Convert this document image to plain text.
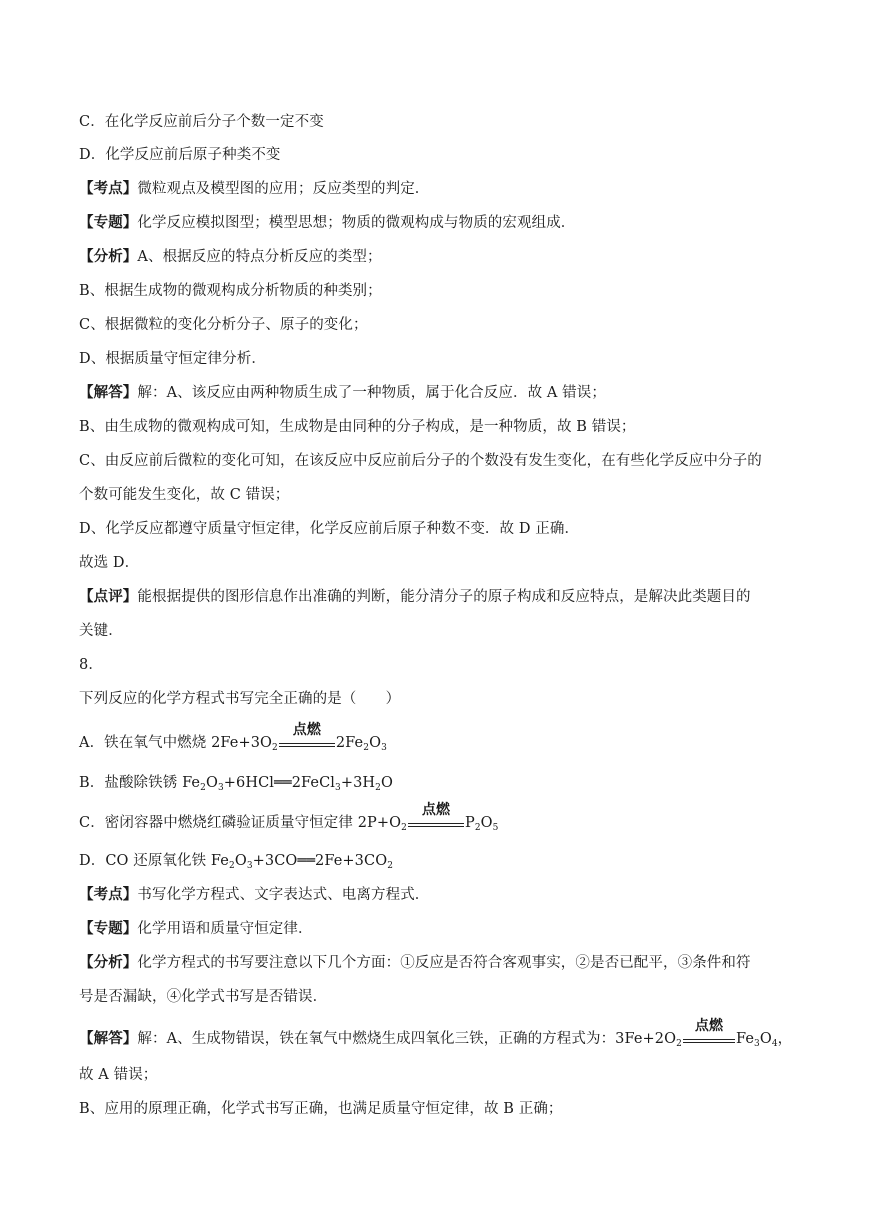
C．在化学反应前后分子个数一定不变
D．化学反应前后原子种类不变
【考点】微粒观点及模型图的应用；反应类型的判定．
【专题】化学反应模拟图型；模型思想；物质的微观构成与物质的宏观组成．
【分析】A、根据反应的特点分析反应的类型；
B、根据生成物的微观构成分析物质的种类别；
C、根据微粒的变化分析分子、原子的变化；
D、根据质量守恒定律分析．
【解答】解：A、该反应由两种物质生成了一种物质，属于化合反应．故 A 错误；
B、由生成物的微观构成可知，生成物是由同种的分子构成，是一种物质，故 B 错误；
C、由反应前后微粒的变化可知，在该反应中反应前后分子的个数没有发生变化，在有些化学反应中分子的
个数可能发生变化，故 C 错误；
D、化学反应都遵守质量守恒定律，化学反应前后原子种数不变．故 D 正确．
故选 D．
【点评】能根据提供的图形信息作出准确的判断，能分清分子的原子构成和反应特点，是解决此类题目的
关键．
8．
下列反应的化学方程式书写完全正确的是（　　）
A．铁在氧气中燃烧 $2Fe+3O_2$
点燃
$2Fe_2O_3$
B．盐酸除铁锈 $Fe_2O_3+6HCl══2FeCl_3+3H_2O$
C．密闭容器中燃烧红磷验证质量守恒定律 $2P+O_2$
点燃
$P_2O_5$
D．CO 还原氧化铁 $Fe_2O_3+3CO══2Fe+3CO_2$
【考点】书写化学方程式、文字表达式、电离方程式．
【专题】化学用语和质量守恒定律．
【分析】化学方程式的书写要注意以下几个方面：①反应是否符合客观事实，②是否已配平，③条件和符
号是否漏缺，④化学式书写是否错误．
【解答】解：A、生成物错误，铁在氧气中燃烧生成四氧化三铁，正确的方程式为：$3Fe+2O_2$
点燃
$Fe_3O_4$，
故 A 错误；
B、应用的原理正确，化学式书写正确，也满足质量守恒定律，故 B 正确；
